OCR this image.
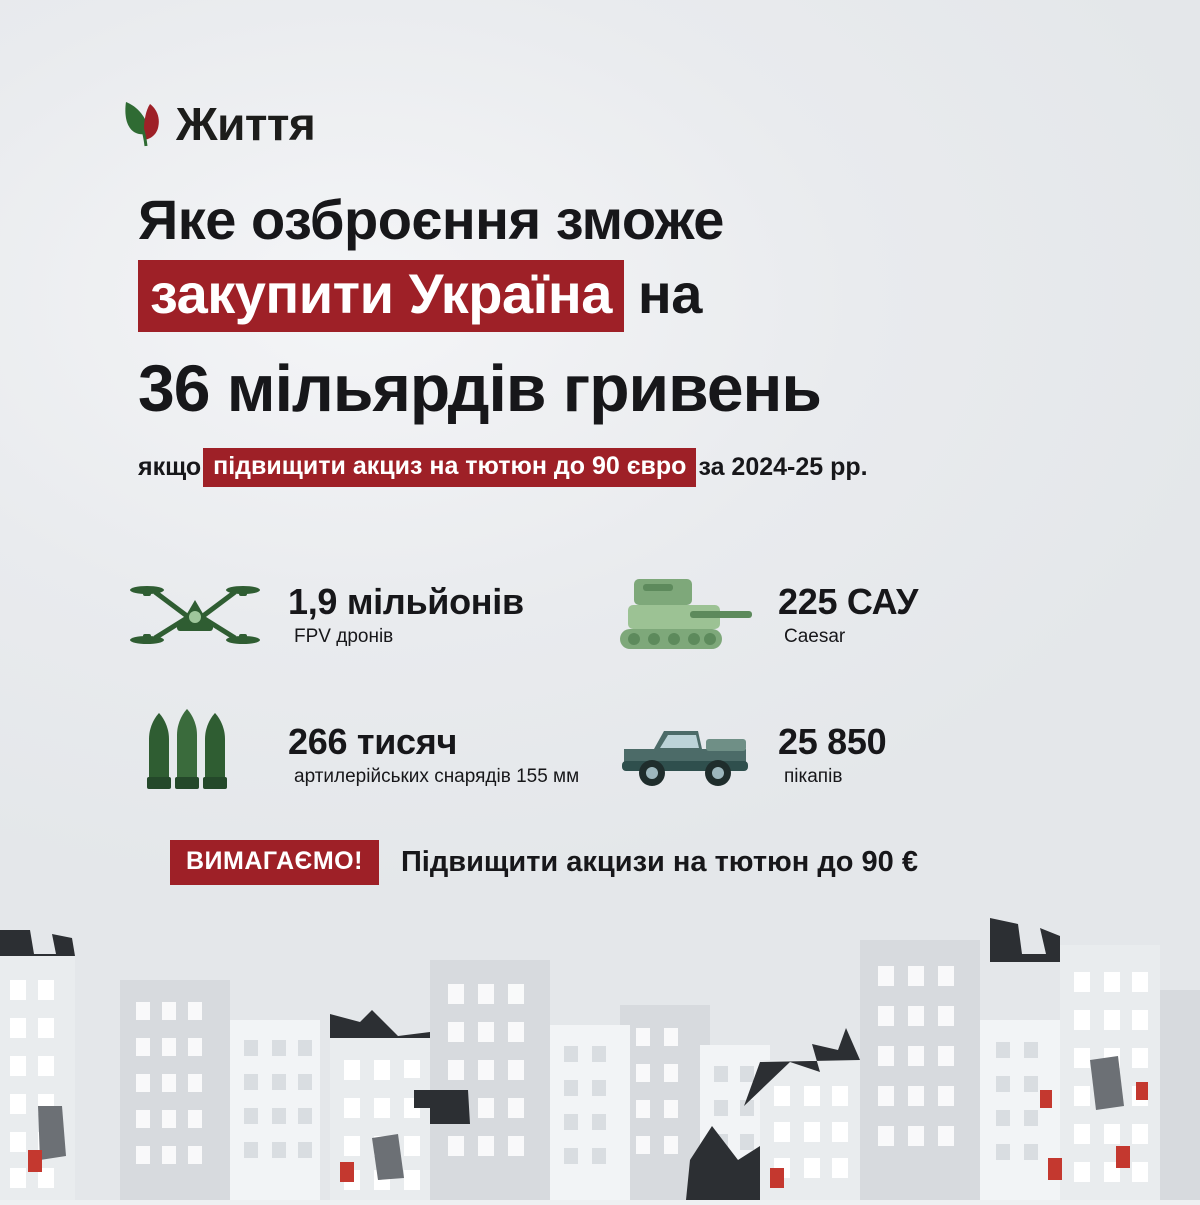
Життя
Яке озброєння зможе
закупити Україна на
36 мільярдів гривень
якщо підвищити акциз на тютюн до 90 євро за 2024-25 рр.
1,9 мільйонів
FPV дронів
225 САУ
Caesar
266 тисяч
артилерійських снарядів 155 мм
25 850
пікапів
ВИМАГАЄМО!	Підвищити акцизи на тютюн до 90 €
